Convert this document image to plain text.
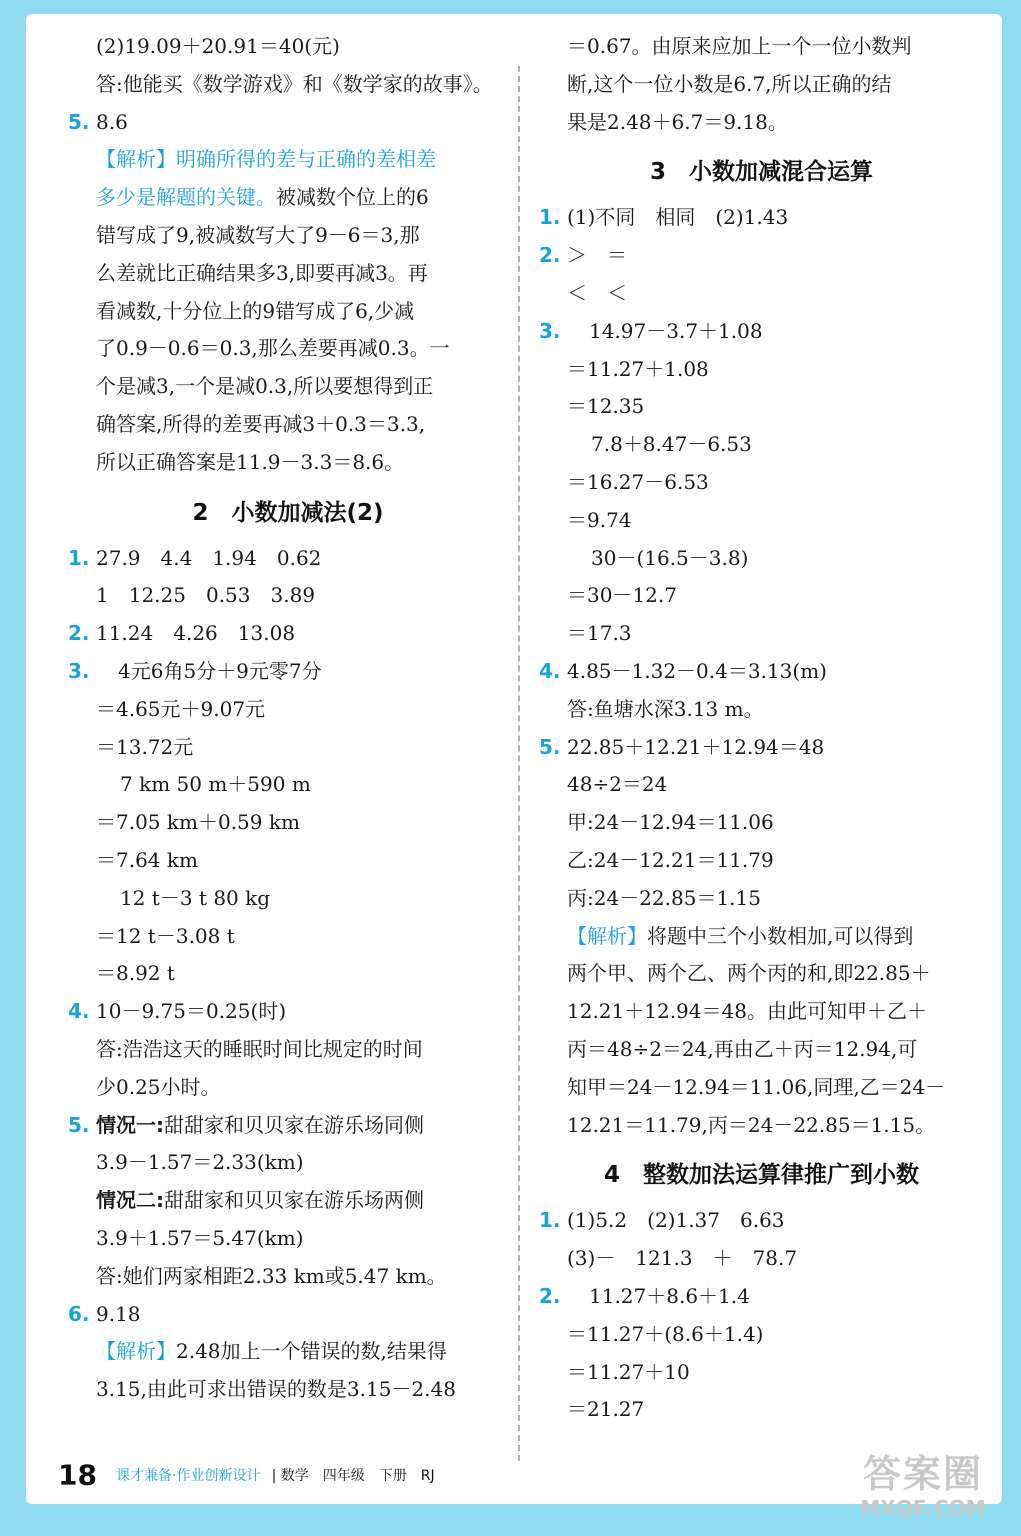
(2)19.09＋20.91＝40(元)
答:他能买《数学游戏》和《数学家的故事》。
5. 8.6
【解析】明确所得的差与正确的差相差
多少是解题的关键。被减数个位上的6
错写成了9,被减数写大了9－6＝3,那
么差就比正确结果多3,即要再减3。再
看减数,十分位上的9错写成了6,少减
了0.9－0.6＝0.3,那么差要再减0.3。一
个是减3,一个是减0.3,所以要想得到正
确答案,所得的差要再减3＋0.3＝3.3,
所以正确答案是11.9－3.3＝8.6。
2　小数加减法(2)
1. 27.9　4.4　1.94　0.62
1　12.25　0.53　3.89
2. 11.24　4.26　13.08
3. 4元6角5分＋9元零7分
＝4.65元＋9.07元
＝13.72元
7 km 50 m＋590 m
＝7.05 km＋0.59 km
＝7.64 km
12 t－3 t 80 kg
＝12 t－3.08 t
＝8.92 t
4. 10－9.75＝0.25(时)
答:浩浩这天的睡眠时间比规定的时间
少0.25小时。
5. 情况一:甜甜家和贝贝家在游乐场同侧
3.9－1.57＝2.33(km)
情况二:甜甜家和贝贝家在游乐场两侧
3.9＋1.57＝5.47(km)
答:她们两家相距2.33 km或5.47 km。
6. 9.18
【解析】2.48加上一个错误的数,结果得
3.15,由此可求出错误的数是3.15－2.48
＝0.67。由原来应加上一个一位小数判
断,这个一位小数是6.7,所以正确的结
果是2.48＋6.7＝9.18。
3　小数加减混合运算
1. (1)不同　相同　(2)1.43
2. ＞　＝
＜　＜
3. 14.97－3.7＋1.08
＝11.27＋1.08
＝12.35
7.8＋8.47－6.53
＝16.27－6.53
＝9.74
30－(16.5－3.8)
＝30－12.7
＝17.3
4. 4.85－1.32－0.4＝3.13(m)
答:鱼塘水深3.13 m。
5. 22.85＋12.21＋12.94＝48
48÷2＝24
甲:24－12.94＝11.06
乙:24－12.21＝11.79
丙:24－22.85＝1.15
【解析】将题中三个小数相加,可以得到
两个甲、两个乙、两个丙的和,即22.85＋
12.21＋12.94＝48。由此可知甲＋乙＋
丙＝48÷2＝24,再由乙＋丙＝12.94,可
知甲＝24－12.94＝11.06,同理,乙＝24－
12.21＝11.79,丙＝24－22.85＝1.15。
4　整数加法运算律推广到小数
1. (1)5.2　(2)1.37　6.63
(3)－　121.3　＋　78.7
2. 11.27＋8.6＋1.4
＝11.27＋(8.6＋1.4)
＝11.27＋10
＝21.27
18 课才兼备·作业创新设计 | 数学　四年级　下册　RJ	答案圈
MXQE.COM
